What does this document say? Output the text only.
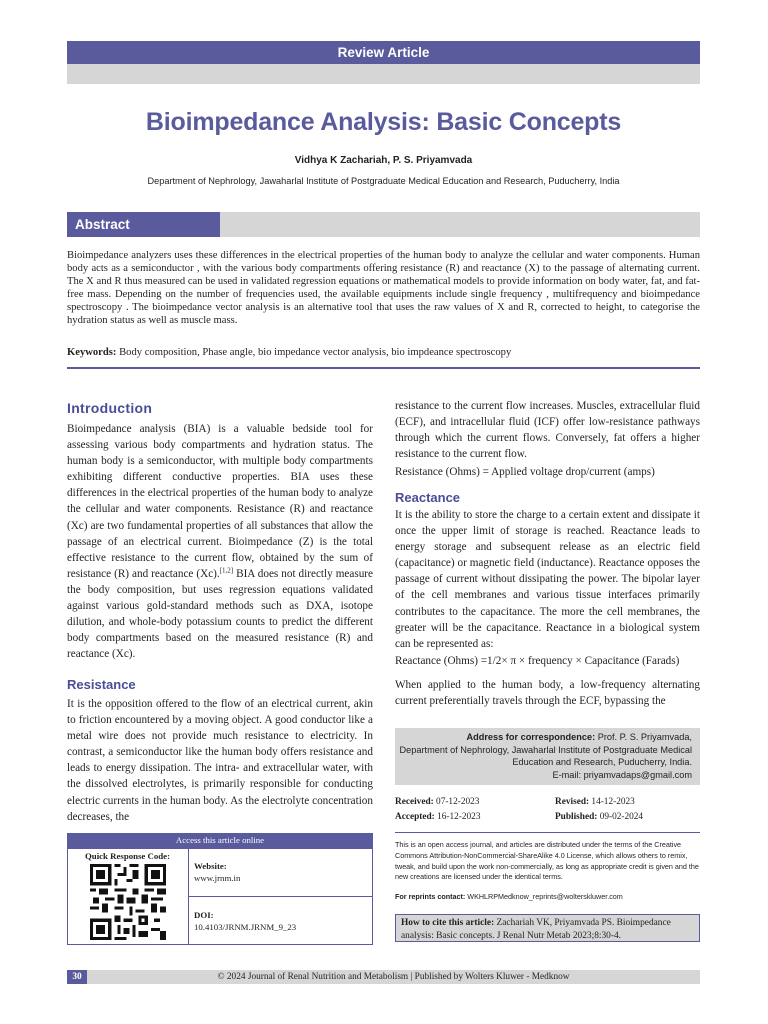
Review Article
Bioimpedance Analysis: Basic Concepts
Vidhya K Zachariah, P. S. Priyamvada
Department of Nephrology, Jawaharlal Institute of Postgraduate Medical Education and Research, Puducherry, India
Abstract
Bioimpedance analyzers uses these differences in the electrical properties of the human body to analyze the cellular and water components. Human body acts as a semiconductor , with the various body compartments offering resistance (R) and reactance (X) to the passage of alternating current. The X and R thus measured can be used in validated regression equations or mathematical models to provide information on body water, fat, and fat-free mass. Depending on the number of frequencies used, the available equipments include single frequency , multifrequency and bioimpedance spectroscopy . The bioimpedance vector analysis is an alternative tool that uses the raw values of X and R, corrected to height, to categorise the hydration status as well as muscle mass.
Keywords: Body composition, Phase angle, bio impedance vector analysis, bio impdeance spectroscopy
Introduction
Bioimpedance analysis (BIA) is a valuable bedside tool for assessing various body compartments and hydration status. The human body is a semiconductor, with multiple body compartments exhibiting different conductive properties. BIA uses these differences in the electrical properties of the human body to analyze the cellular and water components. Resistance (R) and reactance (Xc) are two fundamental properties of all substances that allow the passage of an electrical current. Bioimpedance (Z) is the total effective resistance to the current flow, obtained by the sum of resistance (R) and reactance (Xc).[1,2] BIA does not directly measure the body composition, but uses regression equations validated against various gold-standard methods such as DXA, isotope dilution, and whole-body potassium counts to predict the different body compartments based on the measured resistance (R) and reactance (Xc).
Resistance
It is the opposition offered to the flow of an electrical current, akin to friction encountered by a moving object. A good conductor like a metal wire does not provide much resistance to electricity. In contrast, a semiconductor like the human body offers resistance and leads to energy dissipation. The intra- and extracellular water, with the dissolved electrolytes, is primarily responsible for conducting electric currents in the human body. As the electrolyte concentration decreases, the
resistance to the current flow increases. Muscles, extracellular fluid (ECF), and intracellular fluid (ICF) offer low-resistance pathways through which the current flows. Conversely, fat offers a higher resistance to the current flow.
Resistance (Ohms) = Applied voltage drop/current (amps)
Reactance
It is the ability to store the charge to a certain extent and dissipate it once the upper limit of storage is reached. Reactance leads to energy storage and subsequent release as an electric field (capacitance) or magnetic field (inductance). Reactance opposes the passage of current without dissipating the power. The bipolar layer of the cell membranes and various tissue interfaces primarily contributes to the capacitance. The more the cell membranes, the greater will be the capacitance. Reactance in a biological system can be represented as:
Reactance (Ohms) =1/2× π × frequency × Capacitance (Farads)
When applied to the human body, a low-frequency alternating current preferentially travels through the ECF, bypassing the
Address for correspondence: Prof. P. S. Priyamvada,
Department of Nephrology, Jawaharlal Institute of Postgraduate Medical
Education and Research, Puducherry, India.
E-mail: priyamvadaps@gmail.com
Received: 07-12-2023	Revised: 14-12-2023
Accepted: 16-12-2023	Published: 09-02-2024
This is an open access journal, and articles are distributed under the terms of the Creative Commons Attribution-NonCommercial-ShareAlike 4.0 License, which allows others to remix, tweak, and build upon the work non-commercially, as long as appropriate credit is given and the new creations are licensed under the identical terms.
For reprints contact: WKHLRPMedknow_reprints@wolterskluwer.com
How to cite this article: Zachariah VK, Priyamvada PS. Bioimpedance analysis: Basic concepts. J Renal Nutr Metab 2023;8:30-4.
Access this article online
Quick Response Code:
Website:
www.jrnm.in
DOI:
10.4103/JRNM.JRNM_9_23
30	© 2024 Journal of Renal Nutrition and Metabolism | Published by Wolters Kluwer - Medknow
